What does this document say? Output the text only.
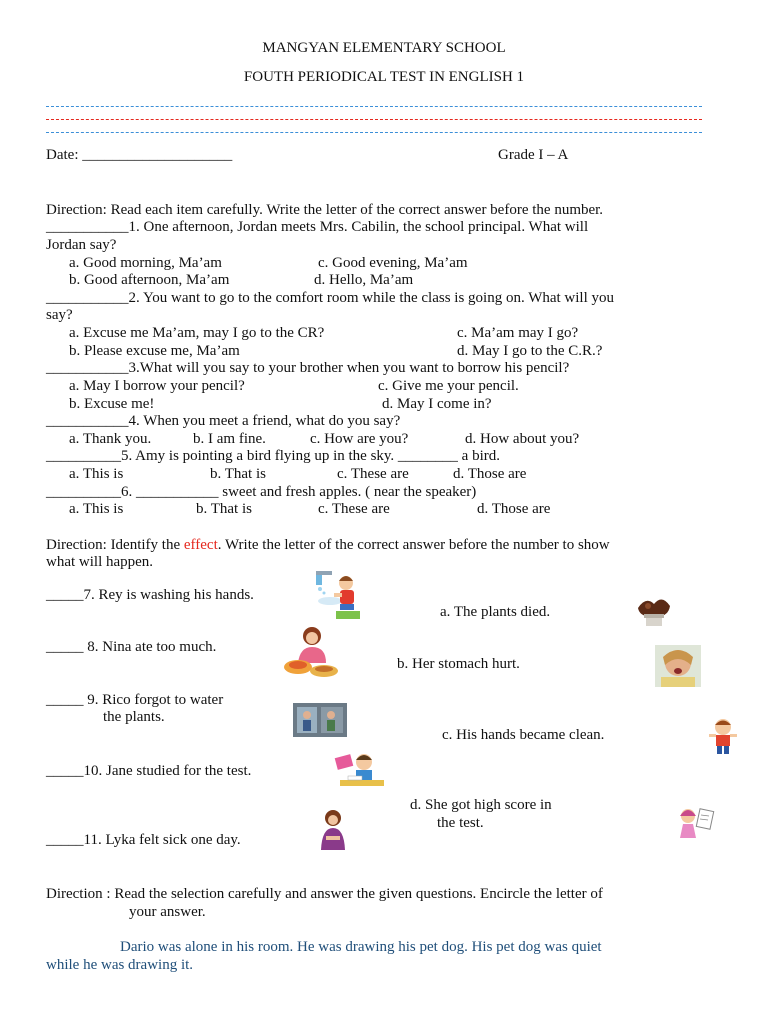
MANGYAN ELEMENTARY SCHOOL
FOUTH PERIODICAL TEST IN ENGLISH 1
Date: ____________________	Grade I – A
Direction: Read each item carefully. Write the letter of the correct answer before the number.
___________1. One afternoon, Jordan meets Mrs. Cabilin, the school principal. What will
Jordan say?
a. Good morning, Ma’am	c. Good evening, Ma’am
b. Good afternoon, Ma’am	d. Hello, Ma’am
___________2. You want to go to the comfort room while the class is going on. What will you
say?
a. Excuse me Ma’am, may I go to the CR?	c. Ma’am may I go?
b. Please excuse me, Ma’am	d. May I go to the C.R.?
___________3.What will you say to your brother when you want to borrow his pencil?
a. May I borrow your pencil?	c. Give me your pencil.
b. Excuse me!	d. May I come in?
___________4. When you meet a friend, what do you say?
a. Thank you.	b. I am fine.	c. How are you?	d. How about you?
__________5. Amy is pointing a bird flying up in the sky. ________ a bird.
a. This is	b. That is	c. These are	d. Those are
__________6. ___________ sweet and fresh apples. ( near the speaker)
a. This is	b. That is	c. These are	d. Those are
Direction: Identify the effect. Write the letter of the correct answer before the number to show
what will happen.
_____7. Rey is washing his hands.
a. The plants died.
_____ 8. Nina ate too much.
b. Her stomach hurt.
_____ 9. Rico forgot to water
the plants.
c. His hands became clean.
_____10. Jane studied for the test.
d. She got high score in
the test.
_____11. Lyka felt sick one day.
Direction : Read the selection carefully and answer the given questions. Encircle the letter of
your answer.
Dario was alone in his room. He was drawing his pet dog. His pet dog was quiet
while he was drawing it.
